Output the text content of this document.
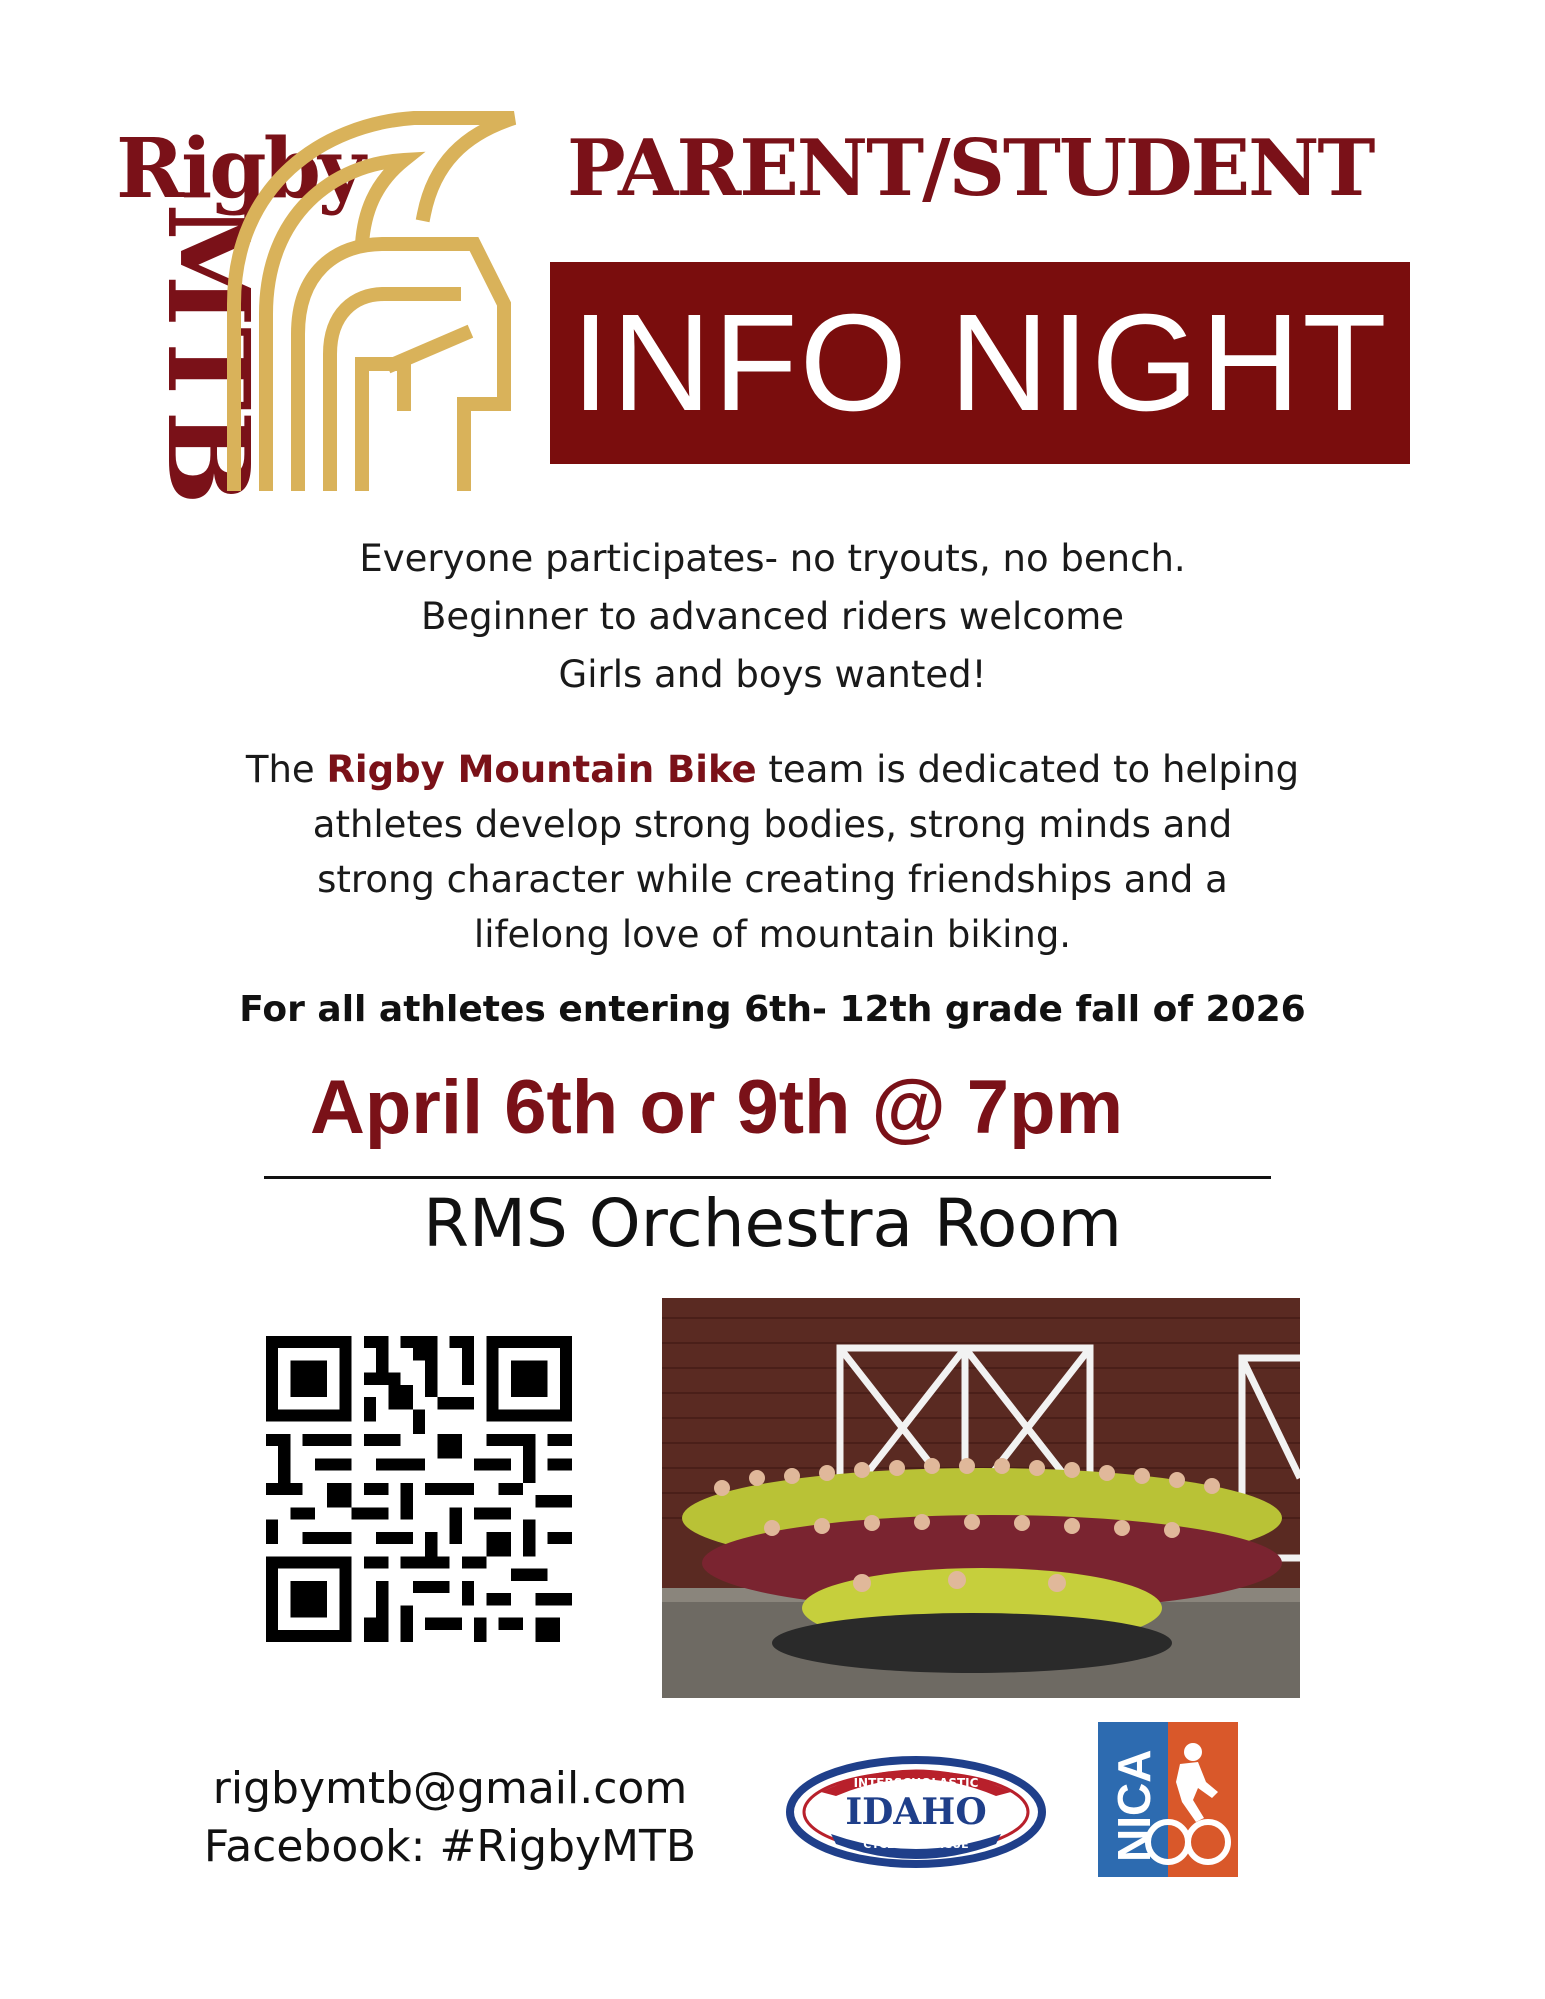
Rigby
MTB
PARENT/STUDENT
INFO NIGHT
Everyone participates- no tryouts, no bench.
Beginner to advanced riders welcome
Girls and boys wanted!
The Rigby Mountain Bike team is dedicated to helping
athletes develop strong bodies, strong minds and
strong character while creating friendships and a
lifelong love of mountain biking.
For all athletes entering 6th- 12th grade fall of 2026
April 6th or 9th @ 7pm
RMS Orchestra Room
rigbymtb@gmail.com
Facebook: #RigbyMTB
INTERSCHOLASTIC
IDAHO
CYCLING LEAGUE	NICA
